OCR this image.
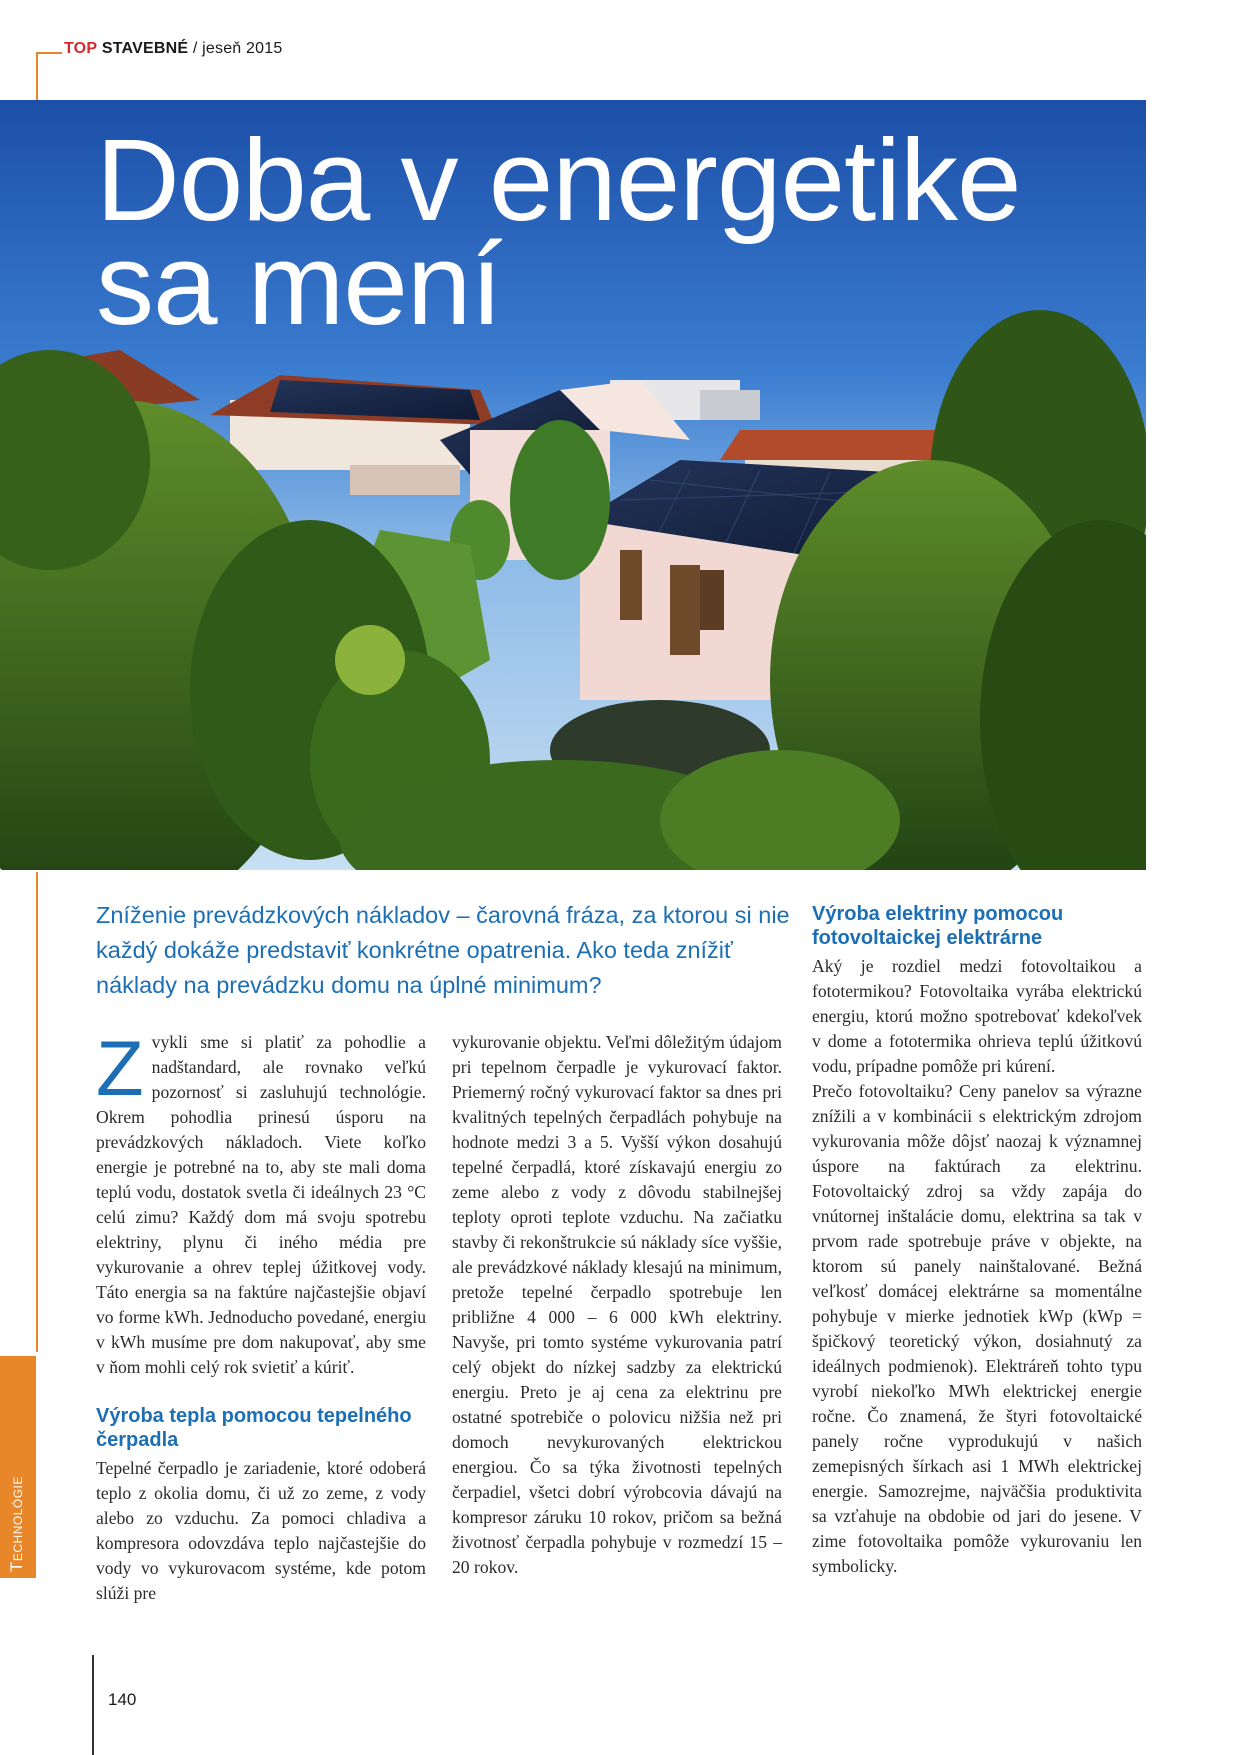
TOP STAVEBNÉ / jeseň 2015
Doba v energetike
sa mení
Technológie
140

Zníženie prevádzkových nákladov – čarovná fráza, za ktorou si nie každý dokáže predstaviť konkrétne opatrenia. Ako teda znížiť náklady na prevádzku domu na úplné minimum?

Zvykli sme si platiť za pohodlie a nadštandard, ale rovnako veľkú pozornosť si zasluhujú technológie. Okrem pohodlia prinesú úsporu na prevádzkových nákladoch. Viete koľko energie je potrebné na to, aby ste mali doma teplú vodu, dostatok svetla či ideálnych 23 °C celú zimu? Každý dom má svoju spotrebu elektriny, plynu či iného média pre vykurovanie a ohrev teplej úžitkovej vody. Táto energia sa na faktúre najčastejšie objaví vo forme kWh. Jednoducho povedané, energiu v kWh musíme pre dom nakupovať, aby sme v ňom mohli celý rok svietiť a kúriť.

Výroba tepla pomocou tepelného čerpadla

Tepelné čerpadlo je zariadenie, ktoré odoberá teplo z okolia domu, či už zo zeme, z vody alebo zo vzduchu. Za pomoci chladiva a kompresora odovzdáva teplo najčastejšie do vody vo vykurovacom systéme, kde potom slúži pre

vykurovanie objektu. Veľmi dôležitým údajom pri tepelnom čerpadle je vykurovací faktor. Priemerný ročný vykurovací faktor sa dnes pri kvalitných tepelných čerpadlách pohybuje na hodnote medzi 3 a 5. Vyšší výkon dosahujú tepelné čerpadlá, ktoré získavajú energiu zo zeme alebo z vody z dôvodu stabilnejšej teploty oproti teplote vzduchu. Na začiatku stavby či rekonštrukcie sú náklady síce vyššie, ale prevádzkové náklady klesajú na minimum, pretože tepelné čerpadlo spotrebuje len približne 4 000 – 6 000 kWh elektriny. Navyše, pri tomto systéme vykurovania patrí celý objekt do nízkej sadzby za elektrickú energiu. Preto je aj cena za elektrinu pre ostatné spotrebiče o polovicu nižšia než pri domoch nevykurovaných elektrickou energiou. Čo sa týka životnosti tepelných čerpadiel, všetci dobrí výrobcovia dávajú na kompresor záruku 10 rokov, pričom sa bežná životnosť čerpadla pohybuje v rozmedzí 15 – 20 rokov.

Výroba elektriny pomocou fotovoltaickej elektrárne

Aký je rozdiel medzi fotovoltaikou a fototermikou? Fotovoltaika vyrába elektrickú energiu, ktorú možno spotrebovať kdekoľvek v dome a fototermika ohrieva teplú úžitkovú vodu, prípadne pomôže pri kúrení.

Prečo fotovoltaiku? Ceny panelov sa výrazne znížili a v kombinácii s elektrickým zdrojom vykurovania môže dôjsť naozaj k významnej úspore na faktúrach za elektrinu. Fotovoltaický zdroj sa vždy zapája do vnútornej inštalácie domu, elektrina sa tak v prvom rade spotrebuje práve v objekte, na ktorom sú panely nainštalované. Bežná veľkosť domácej elektrárne sa momentálne pohybuje v mierke jednotiek kWp (kWp = špičkový teoretický výkon, dosiahnutý za ideálnych podmienok). Elektráreň tohto typu vyrobí niekoľko MWh elektrickej energie ročne. Čo znamená, že štyri fotovoltaické panely ročne vyprodukujú v našich zemepisných šírkach asi 1 MWh elektrickej energie. Samozrejme, najväčšia produktivita sa vzťahuje na obdobie od jari do jesene. V zime fotovoltaika pomôže vykurovaniu len symbolicky.
